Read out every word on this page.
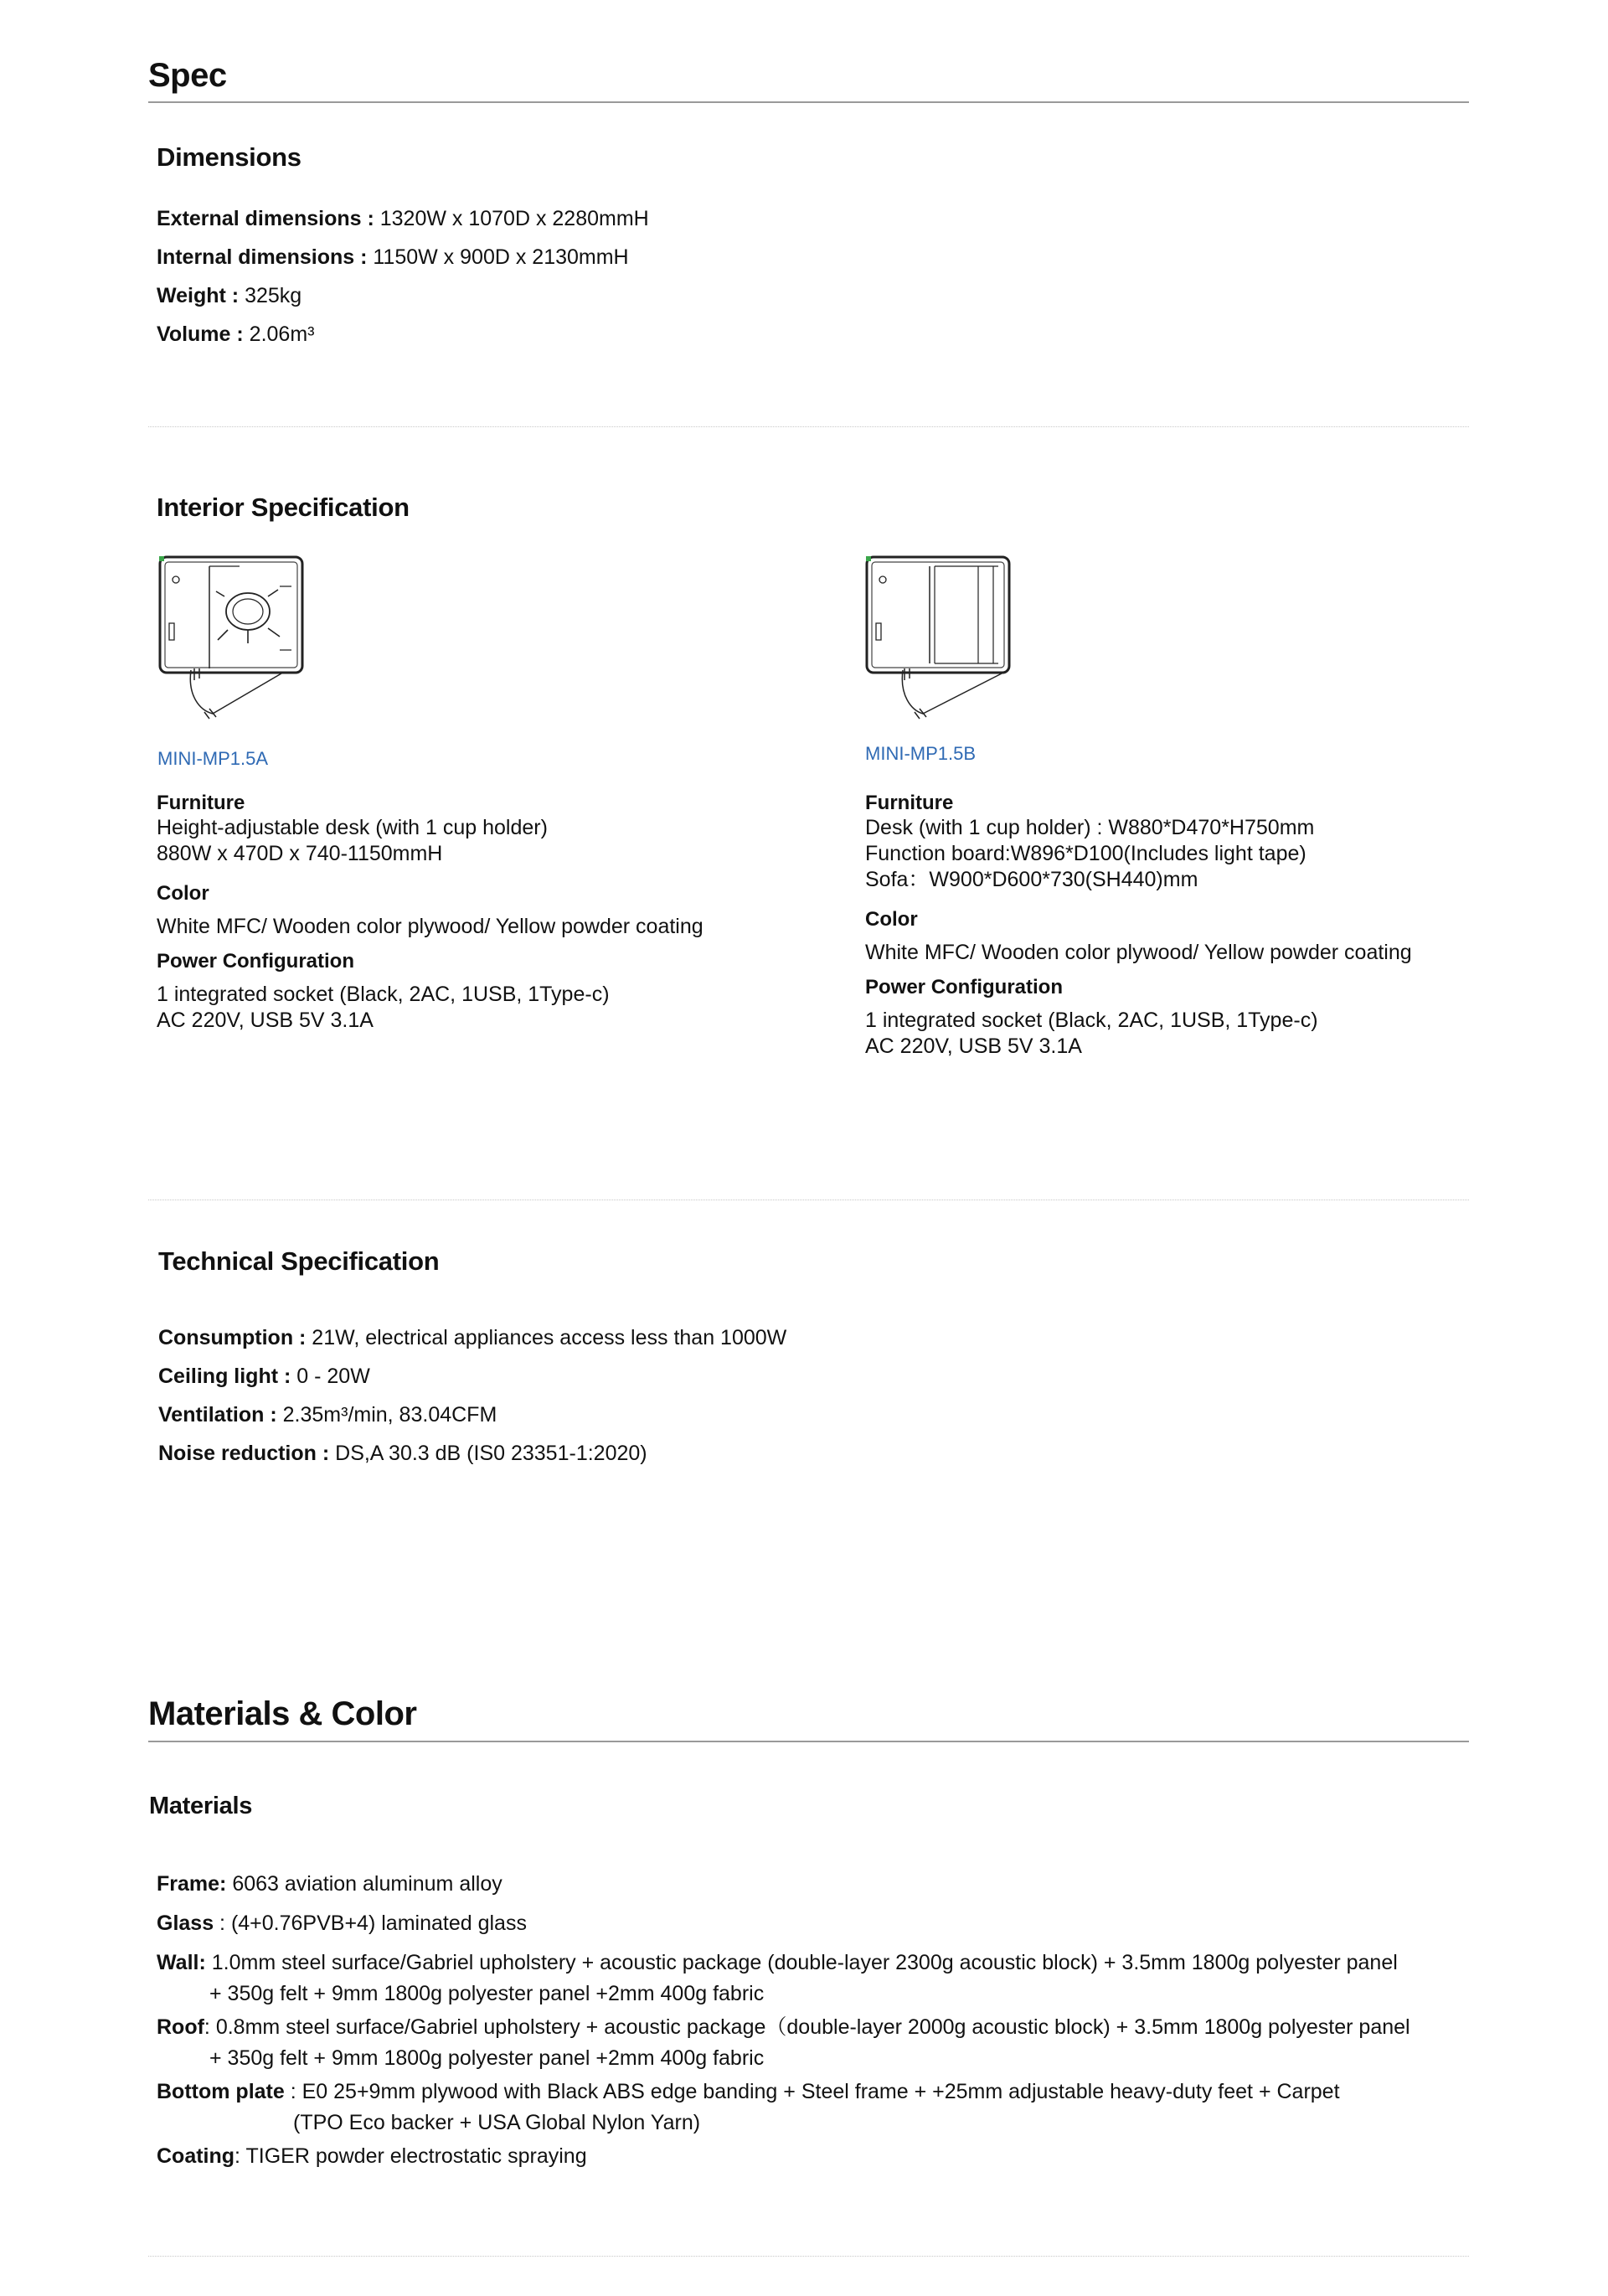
Spec
Dimensions
External dimensions : 1320W x 1070D x 2280mmH
Internal dimensions : 1150W x 900D x 2130mmH
Weight : 325kg
Volume : 2.06m³
Interior Specification
MINI-MP1.5A
Furniture
Height-adjustable desk (with 1 cup holder)
880W x 470D x 740-1150mmH
Color
White MFC/ Wooden color plywood/ Yellow powder coating
Power Configuration
1 integrated socket (Black, 2AC, 1USB, 1Type-c)
AC 220V, USB 5V 3.1A
MINI-MP1.5B
Furniture
Desk (with 1 cup holder) : W880*D470*H750mm
Function board:W896*D100(Includes light tape)
Sofa：W900*D600*730(SH440)mm
Color
White MFC/ Wooden color plywood/ Yellow powder coating
Power Configuration
1 integrated socket (Black, 2AC, 1USB, 1Type-c)
AC 220V, USB 5V 3.1A
Technical Specification
Consumption : 21W, electrical appliances access less than 1000W
Ceiling light : 0 - 20W
Ventilation : 2.35m³/min, 83.04CFM
Noise reduction : DS,A 30.3 dB (IS0 23351-1:2020)
Materials & Color
Materials
Frame: 6063 aviation aluminum alloy
Glass : (4+0.76PVB+4) laminated glass
Wall: 1.0mm steel surface/Gabriel upholstery + acoustic package (double-layer 2300g acoustic block) + 3.5mm 1800g polyester panel
+ 350g felt + 9mm 1800g polyester panel +2mm 400g fabric
Roof: 0.8mm steel surface/Gabriel upholstery + acoustic package（double-layer 2000g acoustic block) + 3.5mm 1800g polyester panel
+ 350g felt + 9mm 1800g polyester panel +2mm 400g fabric
Bottom plate : E0 25+9mm plywood with Black ABS edge banding + Steel frame + +25mm adjustable heavy-duty feet + Carpet
(TPO Eco backer + USA Global Nylon Yarn)
Coating: TIGER powder electrostatic spraying
